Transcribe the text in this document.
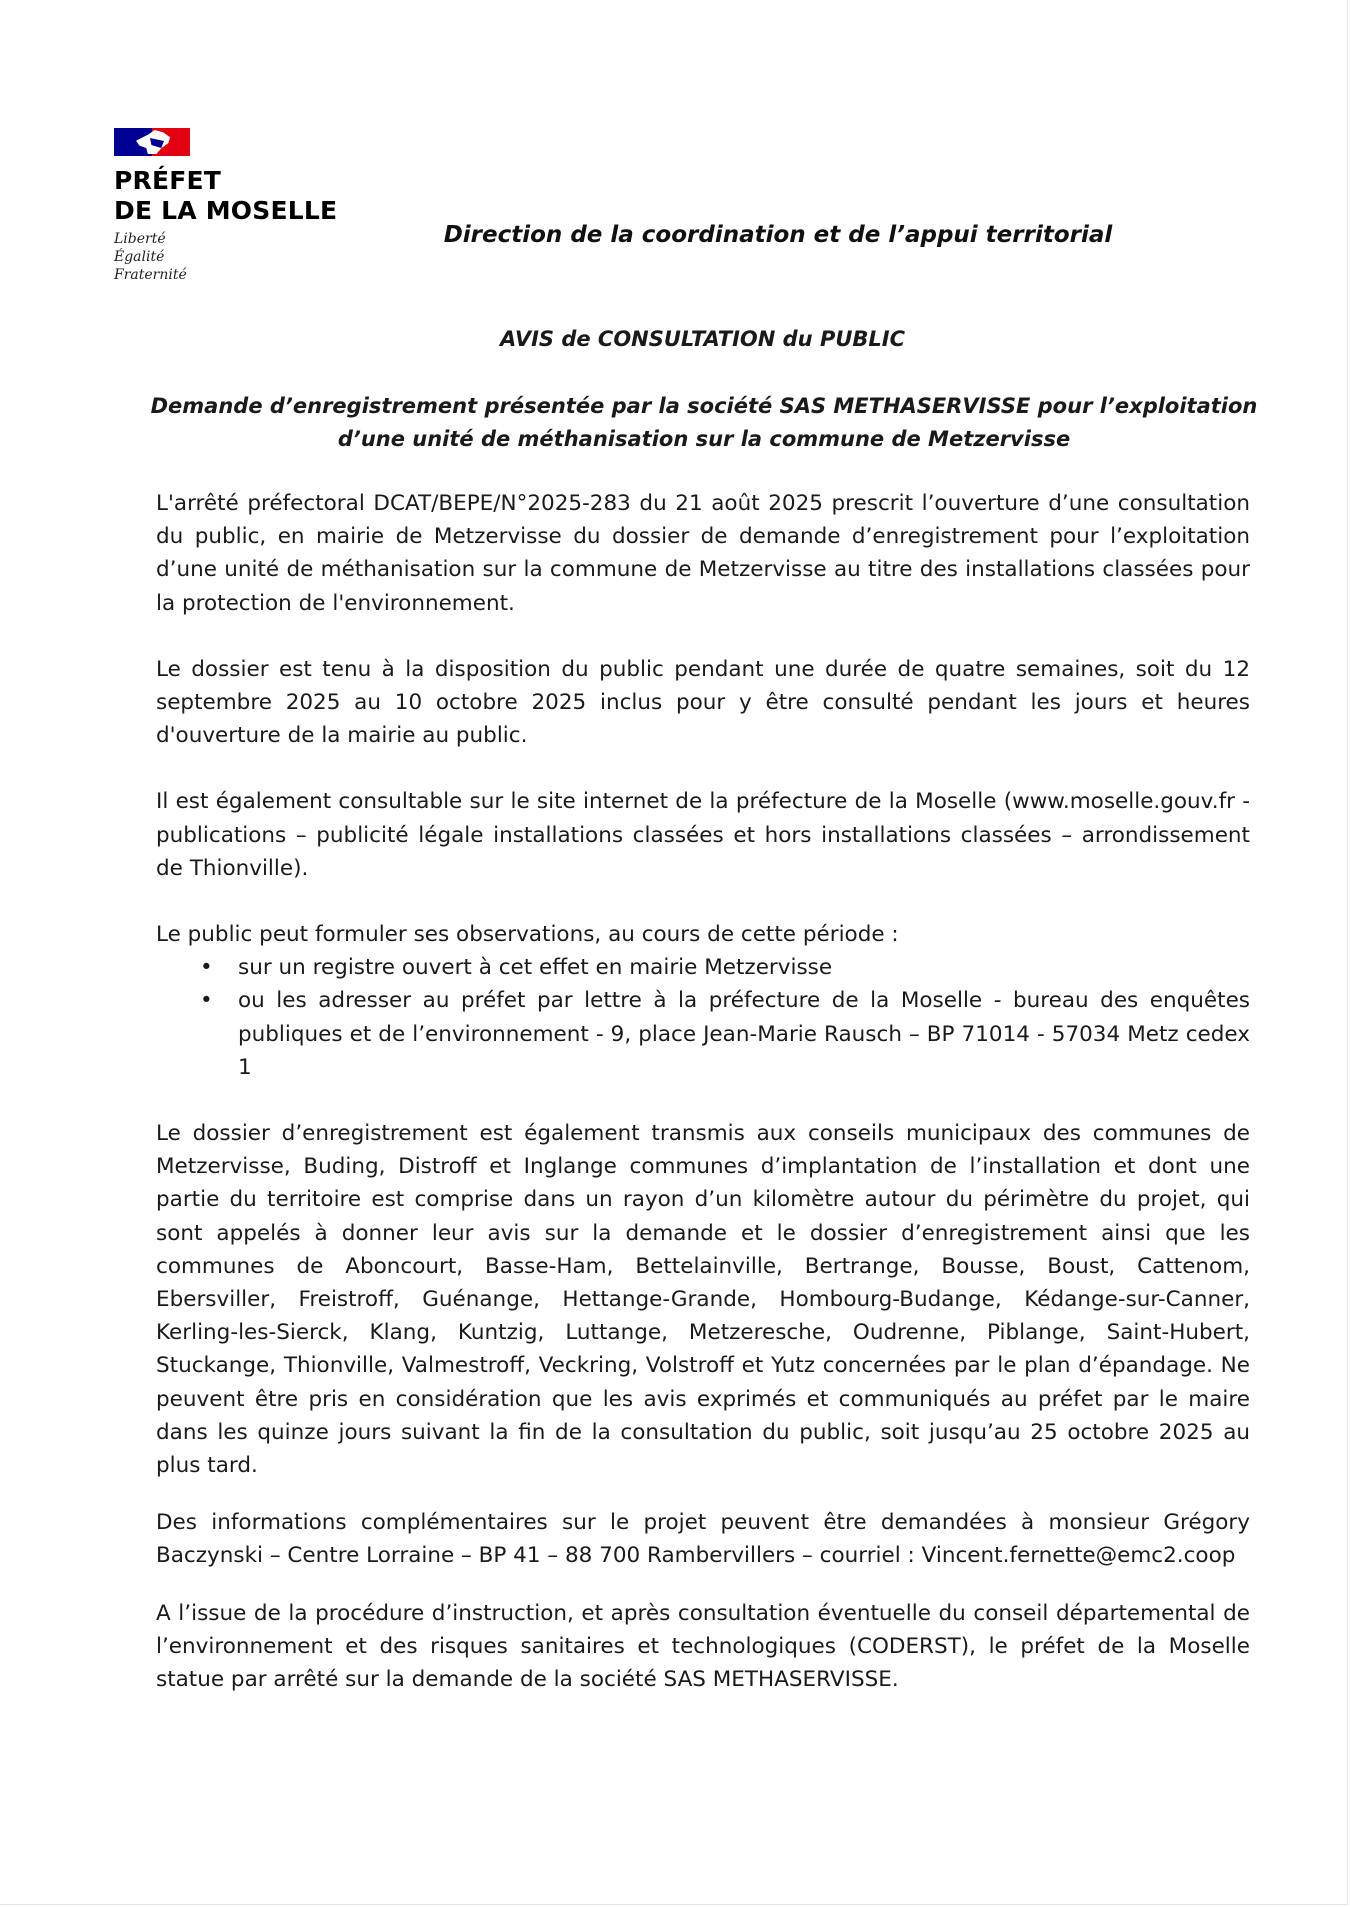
PRÉFET
DE LA MOSELLE
Liberté
Égalité
Fraternité
Direction de la coordination et de l’appui territorial
AVIS de CONSULTATION du PUBLIC
Demande d’enregistrement présentée par la société SAS METHASERVISSE pour l’exploitation d’une unité de méthanisation sur la commune de Metzervisse

L'arrêté préfectoral DCAT/BEPE/N°2025-283 du 21 août 2025 prescrit l’ouverture d’une consultation du public, en mairie de Metzervisse du dossier de demande d’enregistrement pour l’exploitation d’une unité de méthanisation sur la commune de Metzervisse au titre des installations classées pour la protection de l'environnement.

Le dossier est tenu à la disposition du public pendant une durée de quatre semaines, soit du 12 septembre 2025 au 10 octobre 2025 inclus pour y être consulté pendant les jours et heures d'ouverture de la mairie au public.

Il est également consultable sur le site internet de la préfecture de la Moselle (www.moselle.gouv.fr - publications – publicité légale installations classées et hors installations classées – arrondissement de Thionville).

Le public peut formuler ses observations, au cours de cette période :

• sur un registre ouvert à cet effet en mairie Metzervisse
• ou les adresser au préfet par lettre à la préfecture de la Moselle - bureau des enquêtes publiques et de l’environnement - 9, place Jean-Marie Rausch – BP 71014 - 57034 Metz cedex 1

Le dossier d’enregistrement est également transmis aux conseils municipaux des communes de Metzervisse, Buding, Distroff et Inglange communes d’implantation de l’installation et dont une partie du territoire est comprise dans un rayon d’un kilomètre autour du périmètre du projet, qui sont appelés à donner leur avis sur la demande et le dossier d’enregistrement ainsi que les communes de Aboncourt, Basse-Ham, Bettelainville, Bertrange, Bousse, Boust, Cattenom, Ebersviller, Freistroff, Guénange, Hettange-Grande, Hombourg-Budange, Kédange-sur-Canner, Kerling-les-Sierck, Klang, Kuntzig, Luttange, Metzeresche, Oudrenne, Piblange, Saint-Hubert, Stuckange, Thionville, Valmestroff, Veckring, Volstroff et Yutz concernées par le plan d’épandage. Ne peuvent être pris en considération que les avis exprimés et communiqués au préfet par le maire dans les quinze jours suivant la fin de la consultation du public, soit jusqu’au 25 octobre 2025 au plus tard.

Des informations complémentaires sur le projet peuvent être demandées à monsieur Grégory Baczynski – Centre Lorraine – BP 41 – 88 700 Rambervillers – courriel : Vincent.fernette@emc2.coop

A l’issue de la procédure d’instruction, et après consultation éventuelle du conseil départemental de l’environnement et des risques sanitaires et technologiques (CODERST), le préfet de la Moselle statue par arrêté sur la demande de la société SAS METHASERVISSE.
